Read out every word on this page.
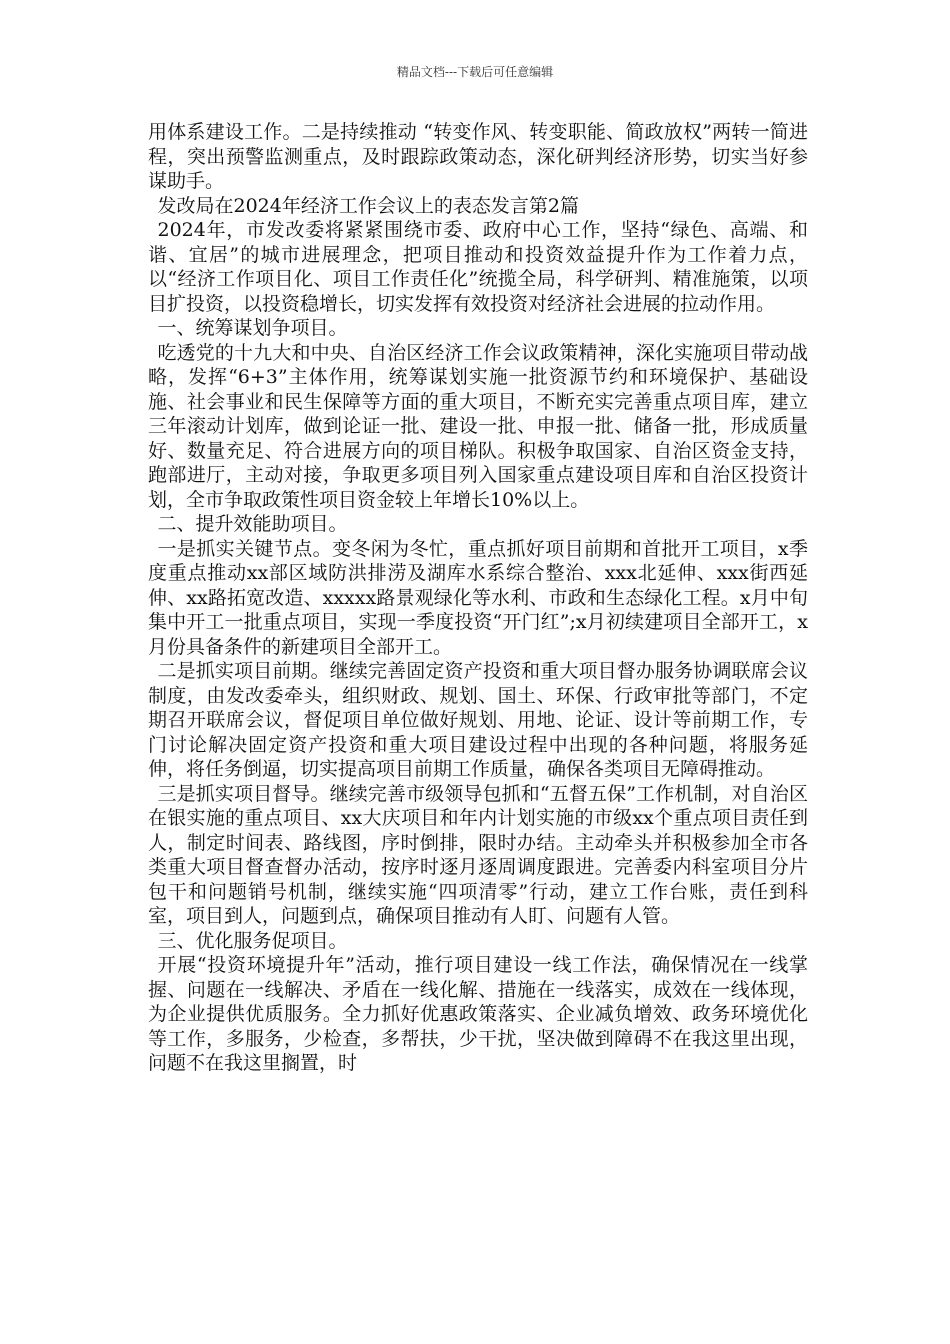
精品文档---下载后可任意编辑

用体系建设工作。二是持续推动 “转变作风、转变职能、简政放权”两转一简进程，突出预警监测重点，及时跟踪政策动态，深化研判经济形势，切实当好参谋助手。

发改局在2024年经济工作会议上的表态发言第2篇

2024年，市发改委将紧紧围绕市委、政府中心工作，坚持“绿色、高端、和谐、宜居”的城市进展理念，把项目推动和投资效益提升作为工作着力点，以“经济工作项目化、项目工作责任化”统揽全局，科学研判、精准施策，以项目扩投资，以投资稳增长，切实发挥有效投资对经济社会进展的拉动作用。

一、统筹谋划争项目。

吃透党的十九大和中央、自治区经济工作会议政策精神，深化实施项目带动战略，发挥“6+3”主体作用，统筹谋划实施一批资源节约和环境保护、基础设施、社会事业和民生保障等方面的重大项目，不断充实完善重点项目库，建立三年滚动计划库，做到论证一批、建设一批、申报一批、储备一批，形成质量好、数量充足、符合进展方向的项目梯队。积极争取国家、自治区资金支持，跑部进厅，主动对接，争取更多项目列入国家重点建设项目库和自治区投资计划，全市争取政策性项目资金较上年增长10%以上。

二、提升效能助项目。

一是抓实关键节点。变冬闲为冬忙，重点抓好项目前期和首批开工项目，x季度重点推动xx部区域防洪排涝及湖库水系综合整治、xxx北延伸、xxx街西延伸、xx路拓宽改造、xxxxx路景观绿化等水利、市政和生态绿化工程。x月中旬集中开工一批重点项目，实现一季度投资“开门红”;x月初续建项目全部开工，x月份具备条件的新建项目全部开工。

二是抓实项目前期。继续完善固定资产投资和重大项目督办服务协调联席会议制度，由发改委牵头，组织财政、规划、国土、环保、行政审批等部门，不定期召开联席会议，督促项目单位做好规划、用地、论证、设计等前期工作，专门讨论解决固定资产投资和重大项目建设过程中出现的各种问题，将服务延伸，将任务倒逼，切实提高项目前期工作质量，确保各类项目无障碍推动。

三是抓实项目督导。继续完善市级领导包抓和“五督五保”工作机制，对自治区在银实施的重点项目、xx大庆项目和年内计划实施的市级xx个重点项目责任到人，制定时间表、路线图，序时倒排，限时办结。主动牵头并积极参加全市各类重大项目督查督办活动，按序时逐月逐周调度跟进。完善委内科室项目分片包干和问题销号机制，继续实施“四项清零”行动，建立工作台账，责任到科室，项目到人，问题到点，确保项目推动有人盯、问题有人管。

三、优化服务促项目。

开展“投资环境提升年”活动，推行项目建设一线工作法，确保情况在一线掌握、问题在一线解决、矛盾在一线化解、措施在一线落实，成效在一线体现，为企业提供优质服务。全力抓好优惠政策落实、企业减负增效、政务环境优化等工作，多服务，少检查，多帮扶，少干扰，坚决做到障碍不在我这里出现，问题不在我这里搁置，时
